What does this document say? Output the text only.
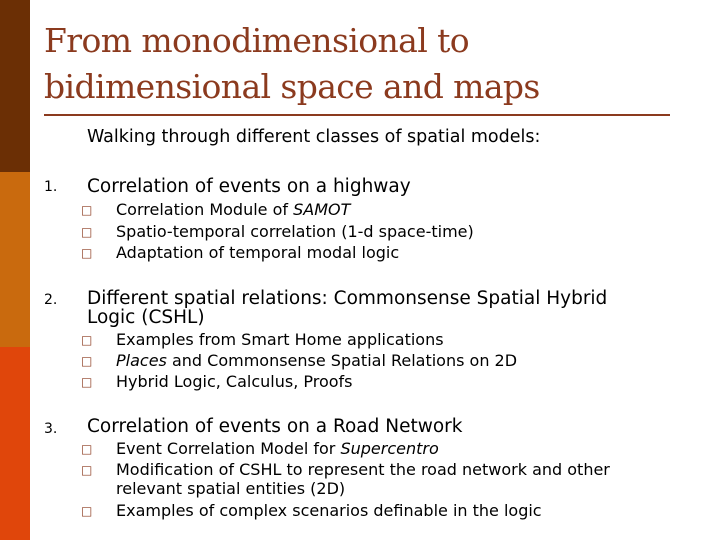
From monodimensional to
bidimensional space and maps
Walking through different classes of spatial models:
1. Correlation of events on a highway
□ Correlation Module of SAMOT
□ Spatio-temporal correlation (1-d space-time)
□ Adaptation of temporal modal logic
2. Different spatial relations: Commonsense Spatial Hybrid
Logic (CSHL)
□ Examples from Smart Home applications
□ Places and Commonsense Spatial Relations on 2D
□ Hybrid Logic, Calculus, Proofs
3. Correlation of events on a Road Network
□ Event Correlation Model for Supercentro
□ Modification of CSHL to represent the road network and other
relevant spatial entities (2D)
□ Examples of complex scenarios definable in the logic
